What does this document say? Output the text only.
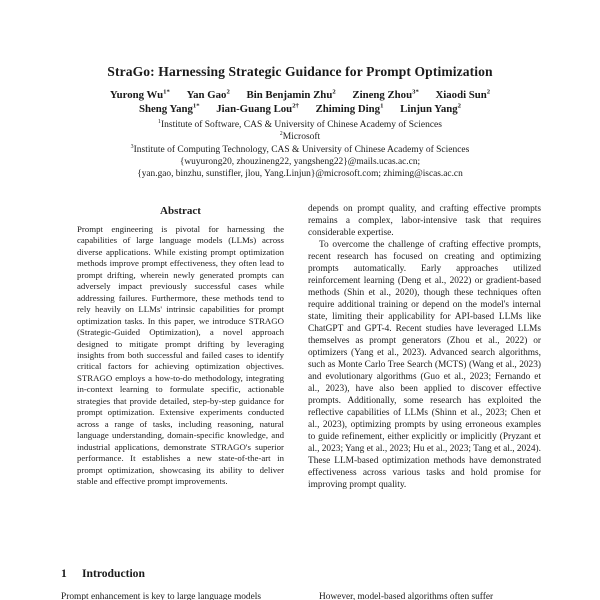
StraGo: Harnessing Strategic Guidance for Prompt Optimization
Yurong $Wu^{1*}$ Yan Gao$^2$ Bin Benjamin Zhu$^2$ Zineng Zhou$^{3*}$ Xiaodi Sun$^2$
Sheng Yang$^{1*}$ Jian-Guang Lou$^{2\dagger}$ Zhiming Ding$^1$ Linjun Yang$^2$
$^1$Institute of Software, CAS & University of Chinese Academy of Sciences
$^2$Microsoft
$^3$Institute of Computing Technology, CAS & University of Chinese Academy of Sciences
{wuyurong20, zhouzineng22, yangsheng22}@mails.ucas.ac.cn;
{yan.gao, binzhu, sunstifler, jlou, Yang.Linjun}@microsoft.com; zhiming@iscas.ac.cn
Abstract
Prompt engineering is pivotal for harnessing the capabilities of large language models (LLMs) across diverse applications. While existing prompt optimization methods improve prompt effectiveness, they often lead to prompt drifting, wherein newly generated prompts can adversely impact previously successful cases while addressing failures. Furthermore, these methods tend to rely heavily on LLMs' intrinsic capabilities for prompt optimization tasks. In this paper, we introduce STRAGO (Strategic-Guided Optimization), a novel approach designed to mitigate prompt drifting by leveraging insights from both successful and failed cases to identify critical factors for achieving optimization objectives. STRAGO employs a how-to-do methodology, integrating in-context learning to formulate specific, actionable strategies that provide detailed, step-by-step guidance for prompt optimization. Extensive experiments conducted across a range of tasks, including reasoning, natural language understanding, domain-specific knowledge, and industrial applications, demonstrate STRAGO's superior performance. It establishes a new state-of-the-art in prompt optimization, showcasing its ability to deliver stable and effective prompt improvements.
1 Introduction
Prompt enhancement is key to large language models

depends on prompt quality, and crafting effective prompts remains a complex, labor-intensive task that requires considerable expertise.

To overcome the challenge of crafting effective prompts, recent research has focused on creating and optimizing prompts automatically. Early approaches utilized reinforcement learning (Deng et al., 2022) or gradient-based methods (Shin et al., 2020), though these techniques often require additional training or depend on the model's internal state, limiting their applicability for API-based LLMs like ChatGPT and GPT-4. Recent studies have leveraged LLMs themselves as prompt generators (Zhou et al., 2022) or optimizers (Yang et al., 2023). Advanced search algorithms, such as Monte Carlo Tree Search (MCTS) (Wang et al., 2023) and evolutionary algorithms (Guo et al., 2023; Fernando et al., 2023), have also been applied to discover effective prompts. Additionally, some research has exploited the reflective capabilities of LLMs (Shinn et al., 2023; Chen et al., 2023), optimizing prompts by using erroneous examples to guide refinement, either explicitly or implicitly (Pryzant et al., 2023; Yang et al., 2023; Hu et al., 2023; Tang et al., 2024). These LLM-based optimization methods have demonstrated effectiveness across various tasks and hold promise for improving prompt quality.

However, model-based algorithms often suffer
